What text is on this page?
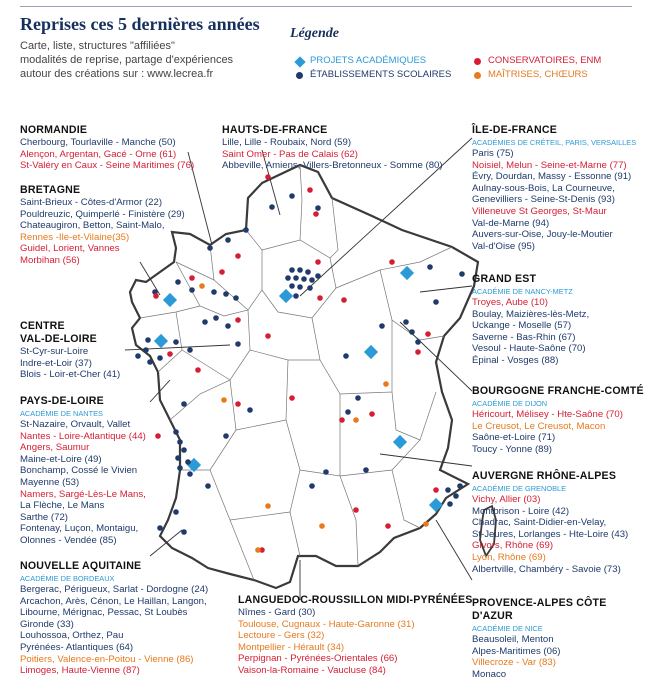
Reprises ces 5 dernières années
Carte, liste, structures "affiliées"
modalités de reprise, partage d'expériences
autour des créations sur : www.lecrea.fr
Légende
PROJETS ACADÉMIQUES
ÉTABLISSEMENTS SCOLAIRES
CONSERVATOIRES, ENM
MAÎTRISES, CHŒURS
NORMANDIE
Cherbourg, Tourlaville - Manche (50)
Alençon, Argentan, Gacé - Orne (61)
St-Valéry en Caux - Seine Maritimes (76)
BRETAGNE
Saint-Brieux - Côtes-d'Armor (22)
Pouldreuzic, Quimperlé - Finistère (29)
Chateaugiron, Betton, Saint-Malo,
Rennes -Ile-et-Vilaine(35)
Guidel, Lorient, Vannes
Morbihan (56)
CENTRE
VAL-DE-LOIRE
St-Cyr-sur-Loire
Indre-et-Loir (37)
Blois - Loir-et-Cher (41)
PAYS-DE-LOIRE
ACADÉMIE DE NANTES
St-Nazaire, Orvault, Vallet
Nantes - Loire-Atlantique (44)
Angers, Saumur
Maine-et-Loire (49)
Bonchamp, Cossé le Vivien
Mayenne (53)
Namers, Sargé-Lès-Le Mans,
La Flèche, Le Mans
Sarthe (72)
Fontenay, Luçon, Montaigu,
Olonnes - Vendée (85)
NOUVELLE AQUITAINE
ACADÉMIE DE BORDEAUX
Bergerac, Périgueux, Sarlat - Dordogne (24)
Arcachon, Arès, Cénon, Le Haillan, Langon,
Libourne, Mérignac, Pessac, St Loubès
Gironde (33)
Louhossoa, Orthez, Pau
Pyrénées- Atlantiques (64)
Poitiers, Valence-en-Poitou - Vienne (86)
Limoges, Haute-Vienne (87)
HAUTS-DE-FRANCE
Lille, Lille - Roubaix, Nord (59)
Saint Omer - Pas de Calais (62)
Abbeville, Amiens, Villers-Bretonneux - Somme (80)
ÎLE-DE-FRANCE
ACADÉMIES DE CRÉTEIL, PARIS, VERSAILLES
Paris (75)
Noisiel, Melun - Seine-et-Marne (77)
Évry, Dourdan, Massy - Essonne (91)
Aulnay-sous-Bois, La Courneuve,
Genevilliers - Seine-St-Denis (93)
Villeneuve St Georges, St-Maur
Val-de-Marne (94)
Auvers-sur-Oise, Jouy-le-Moutier
Val-d'Oise (95)
GRAND EST
ACADÉMIE DE NANCY-METZ
Troyes, Aube (10)
Boulay, Maizières-lès-Metz,
Uckange - Moselle (57)
Saverne - Bas-Rhin (67)
Vesoul - Haute-Saône (70)
Épinal - Vosges (88)
BOURGOGNE FRANCHE-COMTÉ
ACADÉMIE DE DIJON
Héricourt, Mélisey - Hte-Saône (70)
Le Creusot, Le Creusot, Macon
Saône-et-Loire (71)
Toucy - Yonne (89)
AUVERGNE RHÔNE-ALPES
ACADÉMIE DE GRENOBLE
Vichy, Allier (03)
Montbrison - Loire (42)
Chadrac, Saint-Didier-en-Velay,
St-Jeures, Lorlanges - Hte-Loire (43)
Givors, Rhône (69)
Lyon, Rhône (69)
Albertville, Chambéry - Savoie (73)
LANGUEDOC-ROUSSILLON MIDI-PYRÉNÉES
Nîmes - Gard (30)
Toulouse, Cugnaux - Haute-Garonne (31)
Lectoure - Gers (32)
Montpellier - Hérault (34)
Perpignan - Pyrénées-Orientales (66)
Vaison-la-Romaine - Vaucluse (84)
PROVENCE-ALPES CÔTE D'AZUR
ACADÉMIE DE NICE
Beausoleil, Menton
Alpes-Maritimes (06)
Villecroze - Var (83)
Monaco
